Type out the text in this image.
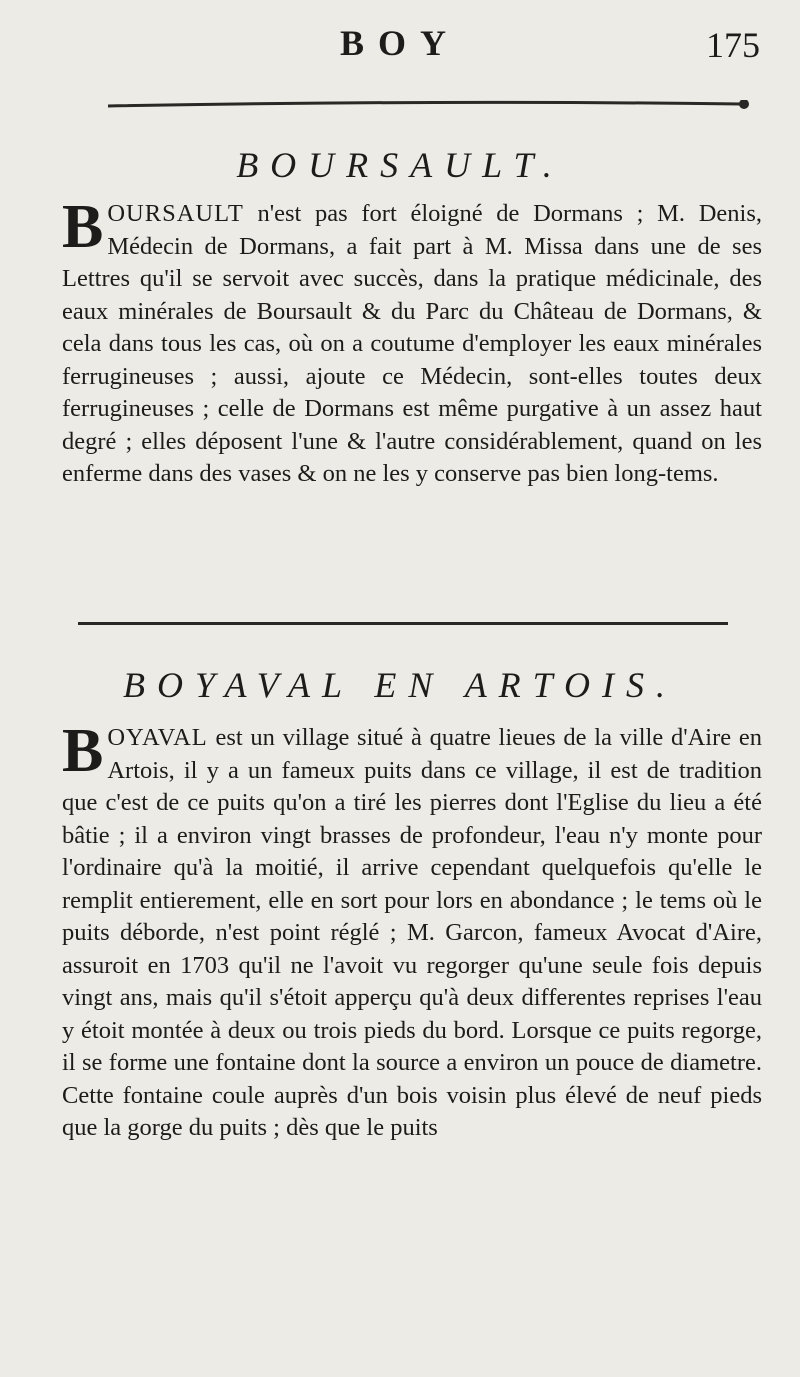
BOY	175
BOURSAULT.
BOURSAULT n'est pas fort éloigné de Dormans ; M. Denis, Médecin de Dormans, a fait part à M. Missa dans une de ses Lettres qu'il se servoit avec succès, dans la pratique médicinale, des eaux minérales de Boursault & du Parc du Château de Dormans, & cela dans tous les cas, où on a coutume d'employer les eaux minérales ferrugineuses ; aussi, ajoute ce Médecin, sont-elles toutes deux ferrugineuses ; celle de Dormans est même purgative à un assez haut degré ; elles déposent l'une & l'autre considérablement, quand on les enferme dans des vases & on ne les y conserve pas bien long-tems.
BOYAVAL EN ARTOIS.
BOYAVAL est un village situé à quatre lieues de la ville d'Aire en Artois, il y a un fameux puits dans ce village, il est de tradition que c'est de ce puits qu'on a tiré les pierres dont l'Eglise du lieu a été bâtie ; il a environ vingt brasses de profondeur, l'eau n'y monte pour l'ordinaire qu'à la moitié, il arrive cependant quelquefois qu'elle le remplit entierement, elle en sort pour lors en abondance ; le tems où le puits déborde, n'est point réglé ; M. Garcon, fameux Avocat d'Aire, assuroit en 1703 qu'il ne l'avoit vu regorger qu'une seule fois depuis vingt ans, mais qu'il s'étoit apperçu qu'à deux differentes reprises l'eau y étoit montée à deux ou trois pieds du bord. Lorsque ce puits regorge, il se forme une fontaine dont la source a environ un pouce de diametre. Cette fontaine coule auprès d'un bois voisin plus élevé de neuf pieds que la gorge du puits ; dès que le puits
